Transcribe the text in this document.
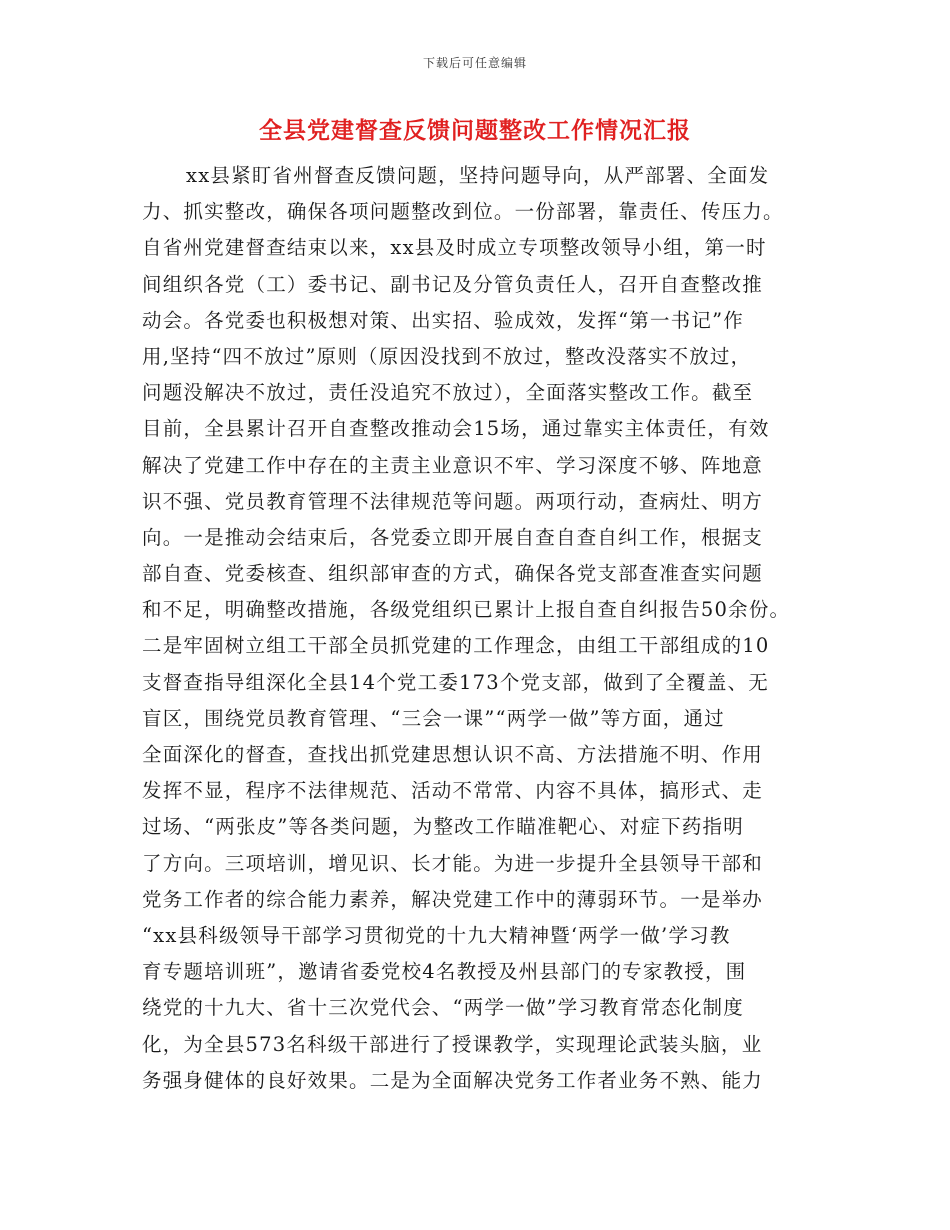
下载后可任意编辑
全县党建督查反馈问题整改工作情况汇报
xx县紧盯省州督查反馈问题，坚持问题导向，从严部署、全面发
力、抓实整改，确保各项问题整改到位。一份部署，靠责任、传压力。
自省州党建督查结束以来，xx县及时成立专项整改领导小组，第一时
间组织各党（工）委书记、副书记及分管负责任人，召开自查整改推
动会。各党委也积极想对策、出实招、验成效，发挥“第一书记”作
用,坚持“四不放过”原则（原因没找到不放过，整改没落实不放过，
问题没解决不放过，责任没追究不放过），全面落实整改工作。截至
目前，全县累计召开自查整改推动会15场，通过靠实主体责任，有效
解决了党建工作中存在的主责主业意识不牢、学习深度不够、阵地意
识不强、党员教育管理不法律规范等问题。两项行动，查病灶、明方
向。一是推动会结束后，各党委立即开展自查自查自纠工作，根据支
部自查、党委核查、组织部审查的方式，确保各党支部查准查实问题
和不足，明确整改措施，各级党组织已累计上报自查自纠报告50余份。
二是牢固树立组工干部全员抓党建的工作理念，由组工干部组成的10
支督查指导组深化全县14个党工委173个党支部，做到了全覆盖、无
盲区，围绕党员教育管理、“三会一课”“两学一做”等方面，通过
全面深化的督查，查找出抓党建思想认识不高、方法措施不明、作用
发挥不显，程序不法律规范、活动不常常、内容不具体，搞形式、走
过场、“两张皮”等各类问题，为整改工作瞄准靶心、对症下药指明
了方向。三项培训，增见识、长才能。为进一步提升全县领导干部和
党务工作者的综合能力素养，解决党建工作中的薄弱环节。一是举办
“xx县科级领导干部学习贯彻党的十九大精神暨‘两学一做’学习教
育专题培训班”，邀请省委党校4名教授及州县部门的专家教授，围
绕党的十九大、省十三次党代会、“两学一做”学习教育常态化制度
化，为全县573名科级干部进行了授课教学，实现理论武装头脑，业
务强身健体的良好效果。二是为全面解决党务工作者业务不熟、能力
